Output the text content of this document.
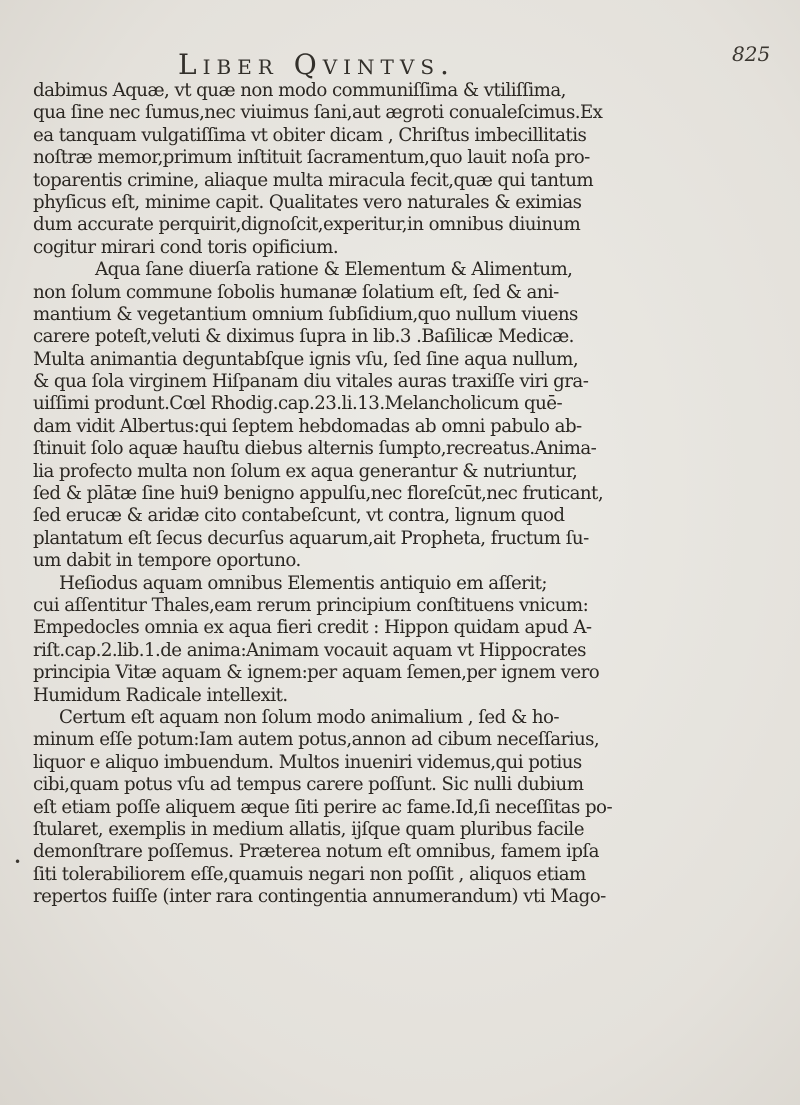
Liber Qvintvs.	825
•
dabimus Aquæ, vt quæ non modo communiſſima & vtiliſſima,
qua ſine nec ſumus,nec viuimus ſani,aut ægroti conualeſcimus.Ex
ea tanquam vulgatiſſima vt obiter dicam , Chriſtus imbecillitatis
noſtræ memor,primum inſtituit ſacramentum,quo lauit noſa pro-
toparentis crimine, aliaque multa miracula fecit,quæ qui tantum
phyſicus eſt, minime capit. Qualitates vero naturales & eximias
dum accurate perquirit,dignoſcit,experitur,in omnibus diuinum
cogitur mirari cond toris opificium.
Aqua ſane diuerſa ratione & Elementum & Alimentum,
non ſolum commune ſobolis humanæ ſolatium eſt, ſed & ani-
mantium & vegetantium omnium ſubſidium,quo nullum viuens
carere poteſt,veluti & diximus ſupra in lib.3 .Baſilicæ Medicæ.
Multa animantia deguntabſque ignis vſu, ſed ſine aqua nullum,
& qua ſola virginem Hiſpanam diu vitales auras traxiſſe viri gra-
uiſſimi produnt.Cœl Rhodig.cap.23.li.13.Melancholicum quē-
dam vidit Albertus:qui ſeptem hebdomadas ab omni pabulo ab-
ſtinuit ſolo aquæ hauſtu diebus alternis ſumpto,recreatus.Anima-
lia profecto multa non ſolum ex aqua generantur & nutriuntur,
ſed & plātæ ſine hui9 benigno appulſu,nec floreſcūt,nec fruticant,
ſed erucæ & aridæ cito contabeſcunt, vt contra, lignum quod
plantatum eſt ſecus decurſus aquarum,ait Propheta, fructum ſu-
um dabit in tempore oportuno.
Heſiodus aquam omnibus Elementis antiquio em aſſerit;
cui aſſentitur Thales,eam rerum principium conſtituens vnicum:
Empedocles omnia ex aqua fieri credit : Hippon quidam apud A-
riſt.cap.2.lib.1.de anima:Animam vocauit aquam vt Hippocrates
principia Vitæ aquam & ignem:per aquam ſemen,per ignem vero
Humidum Radicale intellexit.
Certum eſt aquam non ſolum modo animalium , ſed & ho-
minum eſſe potum:Iam autem potus,annon ad cibum neceſſarius,
liquor e aliquo imbuendum. Multos inueniri videmus,qui potius
cibi,quam potus vſu ad tempus carere poſſunt. Sic nulli dubium
eſt etiam poſſe aliquem æque ſiti perire ac fame.Id,ſi neceſſitas po-
ſtularet, exemplis in medium allatis, ijſque quam pluribus facile
demonſtrare poſſemus. Præterea notum eſt omnibus, famem ipſa
ſiti tolerabiliorem eſſe,quamuis negari non poſſit , aliquos etiam
repertos fuiſſe (inter rara contingentia annumerandum) vti Mago-
